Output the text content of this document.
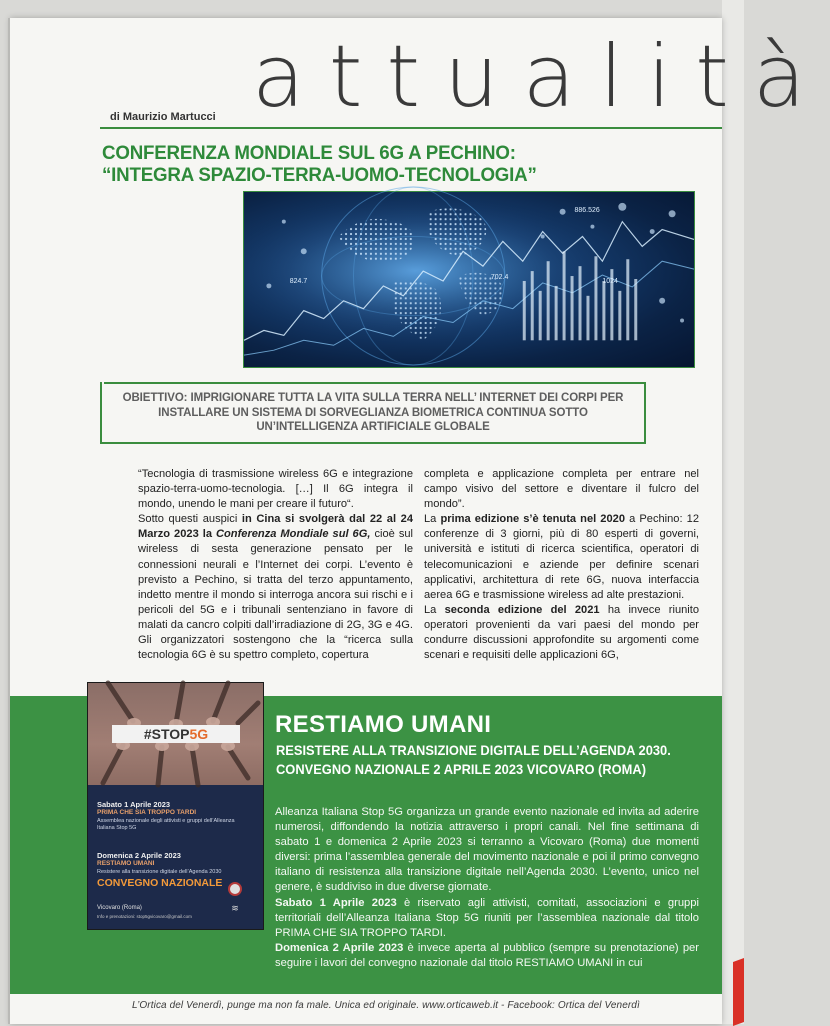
attualità
di Maurizio Martucci
CONFERENZA MONDIALE SUL 6G A PECHINO:
“INTEGRA SPAZIO-TERRA-UOMO-TECNOLOGIA”
886.526
824.7
702.4
1024
OBIETTIVO: IMPRIGIONARE TUTTA LA VITA SULLA TERRA NELL’ INTERNET DEI CORPI PER INSTALLARE UN SISTEMA DI SORVEGLIANZA BIOMETRICA CONTINUA SOTTO UN’INTELLIGENZA ARTIFICIALE GLOBALE

“Tecnologia di trasmissione wireless 6G e integrazione spazio-terra-uomo-tecnologia. […] Il 6G integra il mondo, unendo le mani per creare il futuro“.

Sotto questi auspici in Cina si svolgerà dal 22 al 24 Marzo 2023 la Conferenza Mondiale sul 6G, cioè sul wireless di sesta generazione pensato per le connessioni neurali e l’Internet dei corpi. L’evento è previsto a Pechino, si tratta del terzo appuntamento, indetto mentre il mondo si interroga ancora sui rischi e i pericoli del 5G e i tribunali sentenziano in favore di malati da cancro colpiti dall’irradiazione di 2G, 3G e 4G. Gli organizzatori sostengono che la “ricerca sulla tecnologia 6G è su spettro completo, copertura

completa e applicazione completa per entrare nel campo visivo del settore e diventare il fulcro del mondo”.

La prima edizione s’è tenuta nel 2020 a Pechino: 12 conferenze di 3 giorni, più di 80 esperti di governi, università e istituti di ricerca scientifica, operatori di telecomunicazioni e aziende per definire scenari applicativi, architettura di rete 6G, nuova interfaccia aerea 6G e trasmissione wireless ad alte prestazioni.

La seconda edizione del 2021 ha invece riunito operatori provenienti da vari paesi del mondo per condurre discussioni approfondite su argomenti come scenari e requisiti delle applicazioni 6G,

#STOP5G
Sabato 1 Aprile 2023
PRIMA CHE SIA TROPPO TARDI
Assemblea nazionale degli attivisti e gruppi dell’Alleanza Italiana Stop 5G
Domenica 2 Aprile 2023
RESTIAMO UMANI
Resistere alla transizione digitale dell’Agenda 2030
CONVEGNO NAZIONALE
Vicovaro (Roma)
Info e prenotazioni: stop5gvicovaro@gmail.com
≋
RESTIAMO UMANI
RESISTERE ALLA TRANSIZIONE DIGITALE DELL’AGENDA 2030.
CONVEGNO NAZIONALE 2 APRILE 2023 VICOVARO (ROMA)

Alleanza Italiana Stop 5G organizza un grande evento nazionale ed invita ad aderire numerosi, diffondendo la notizia attraverso i propri canali. Nel fine settimana di sabato 1 e domenica 2 Aprile 2023 si terranno a Vicovaro (Roma) due momenti diversi: prima l’assemblea generale del movimento nazionale e poi il primo convegno italiano di resistenza alla transizione digitale nell’Agenda 2030. L’evento, unico nel genere, è suddiviso in due diverse giornate.

Sabato 1 Aprile 2023 è riservato agli attivisti, comitati, associazioni e gruppi territoriali dell’Alleanza Italiana Stop 5G riuniti per l’assemblea nazionale dal titolo PRIMA CHE SIA TROPPO TARDI.

Domenica 2 Aprile 2023 è invece aperta al pubblico (sempre su prenotazione) per seguire i lavori del convegno nazionale dal titolo RESTIAMO UMANI in cui

L’Ortica del Venerdì, punge ma non fa male. Unica ed originale. www.orticaweb.it - Facebook: Ortica del Venerdì
